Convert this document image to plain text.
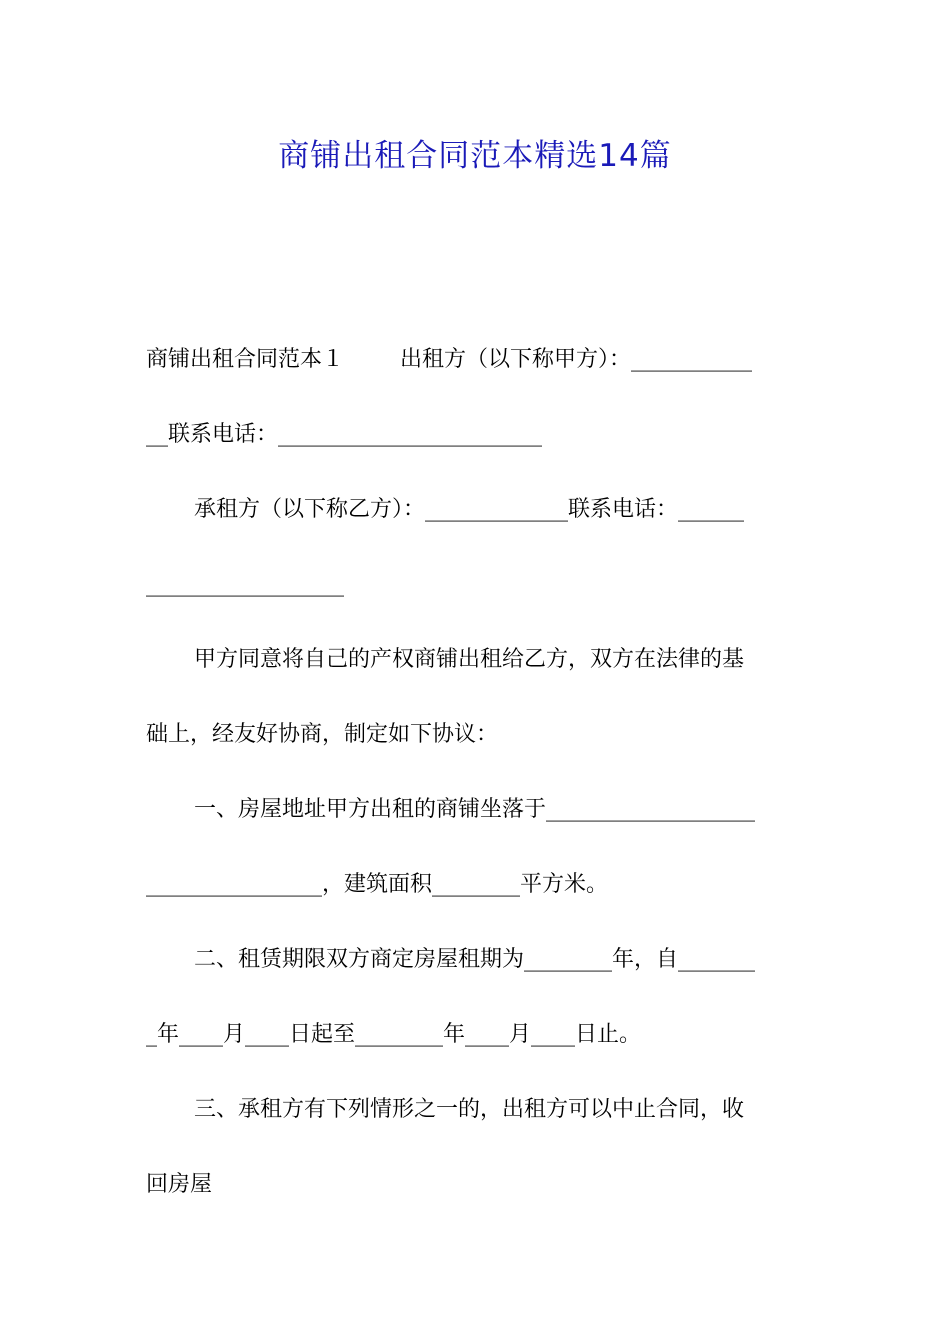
商铺出租合同范本精选14篇
商铺出租合同范本１	出租方（以下称甲方）：___________
__联系电话：________________________
承租方（以下称乙方）：_____________联系电话：______
__________________
甲方同意将自己的产权商铺出租给乙方，双方在法律的基
础上，经友好协商，制定如下协议：
一、房屋地址甲方出租的商铺坐落于___________________
________________，建筑面积________平方米。
二、租赁期限双方商定房屋租期为________年，自_______
_年____月____日起至________年____月____日止。
三、承租方有下列情形之一的，出租方可以中止合同，收
回房屋
